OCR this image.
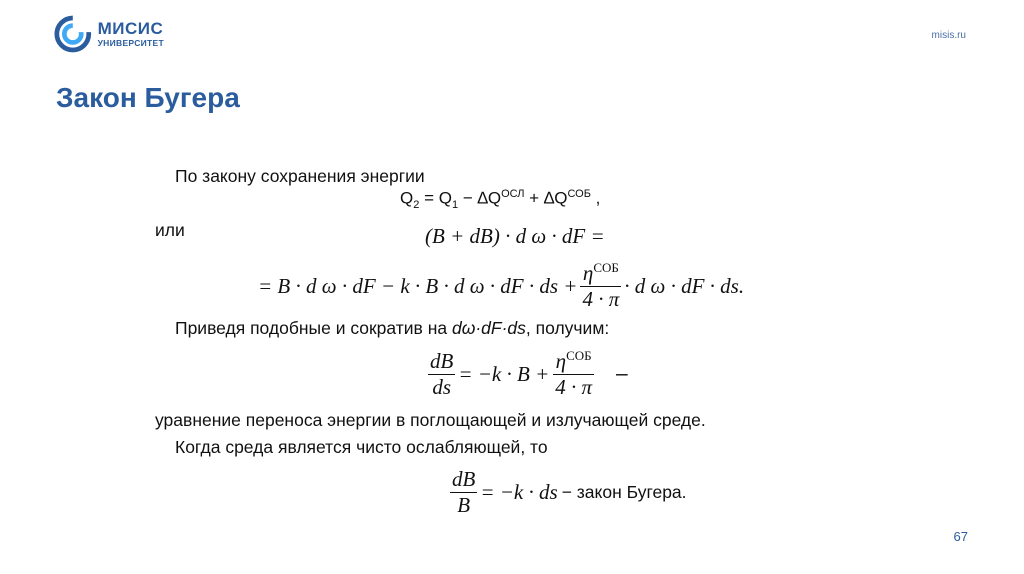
МИСИС
УНИВЕРСИТЕТ
misis.ru
Закон Бугера
По закону сохранения энергии
$Q_2 = Q_1 - \Delta Q^{ОСЛ} + \Delta Q^{СОБ}$ ,
или	(B + dB) · d ω · dF =
= B · d ω · dF − k · B · d ω · dF · ds + $\frac{\eta^{СОБ}}{4 \cdot \pi} \cdot d$ ω · dF · ds.
Приведя подобные и сократив на dω·dF·ds, получим:
$\frac{dB}{ds} = -k \cdot B + \frac{\eta^{СОБ}}{4 \cdot \pi}$ –
уравнение переноса энергии в поглощающей и излучающей среде.
Когда среда является чисто ослабляющей, то
$\frac{dB}{B} = -k$ · ds − закон Бугера.
67
